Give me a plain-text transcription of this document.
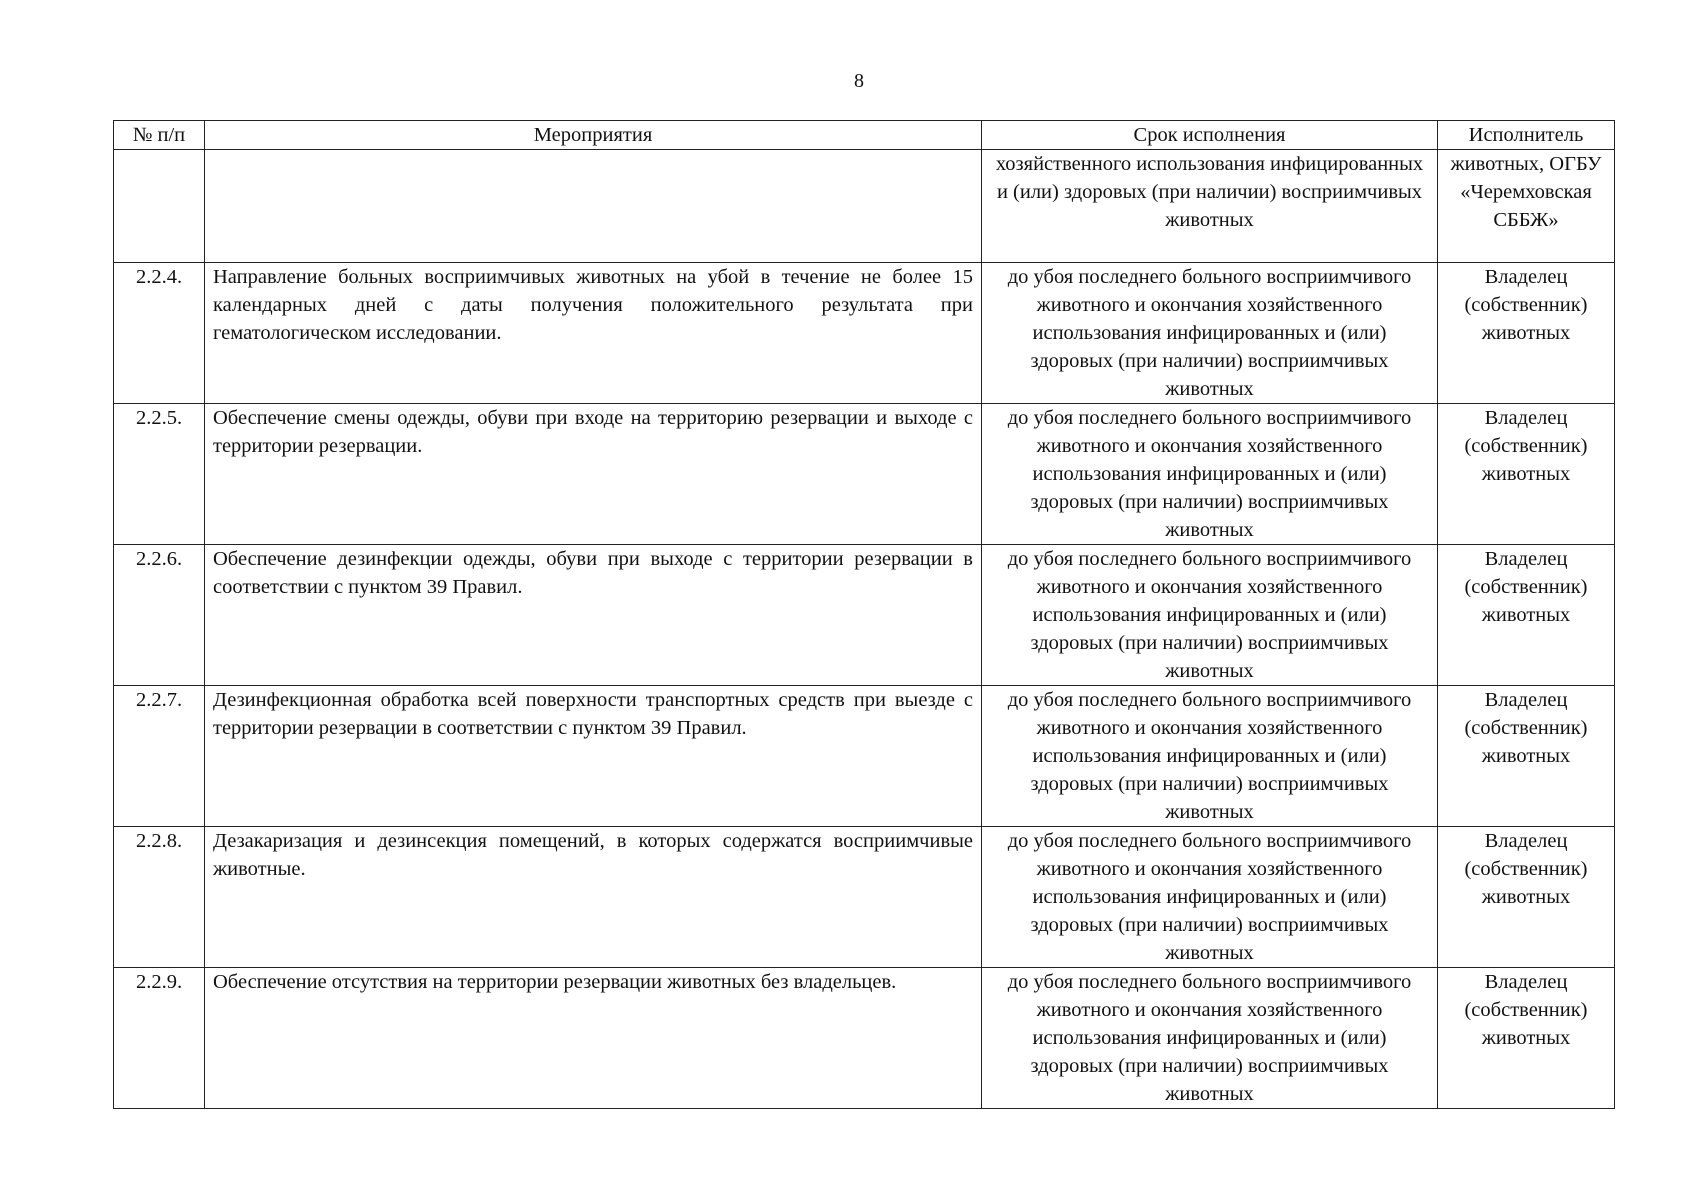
8
№ п/п	Мероприятия	Срок исполнения	Исполнитель
		хозяйственного использования инфицированных и (или) здоровых (при наличии) восприимчивых животных	животных, ОГБУ «Черемховская СББЖ»
2.2.4.	Направление больных восприимчивых животных на убой в течение не более 15 календарных дней с даты получения положительного результата при гематологическом исследовании.	до убоя последнего больного восприимчивого животного и окончания хозяйственного использования инфицированных и (или) здоровых (при наличии) восприимчивых животных	Владелец (собственник) животных
2.2.5.	Обеспечение смены одежды, обуви при входе на территорию резервации и выходе с территории резервации.	до убоя последнего больного восприимчивого животного и окончания хозяйственного использования инфицированных и (или) здоровых (при наличии) восприимчивых животных	Владелец (собственник) животных
2.2.6.	Обеспечение дезинфекции одежды, обуви при выходе с территории резервации в соответствии с пунктом 39 Правил.	до убоя последнего больного восприимчивого животного и окончания хозяйственного использования инфицированных и (или) здоровых (при наличии) восприимчивых животных	Владелец (собственник) животных
2.2.7.	Дезинфекционная обработка всей поверхности транспортных средств при выезде с территории резервации в соответствии с пунктом 39 Правил.	до убоя последнего больного восприимчивого животного и окончания хозяйственного использования инфицированных и (или) здоровых (при наличии) восприимчивых животных	Владелец (собственник) животных
2.2.8.	Дезакаризация и дезинсекция помещений, в которых содержатся восприимчивые животные.	до убоя последнего больного восприимчивого животного и окончания хозяйственного использования инфицированных и (или) здоровых (при наличии) восприимчивых животных	Владелец (собственник) животных
2.2.9.	Обеспечение отсутствия на территории резервации животных без владельцев.	до убоя последнего больного восприимчивого животного и окончания хозяйственного использования инфицированных и (или) здоровых (при наличии) восприимчивых животных	Владелец (собственник) животных
